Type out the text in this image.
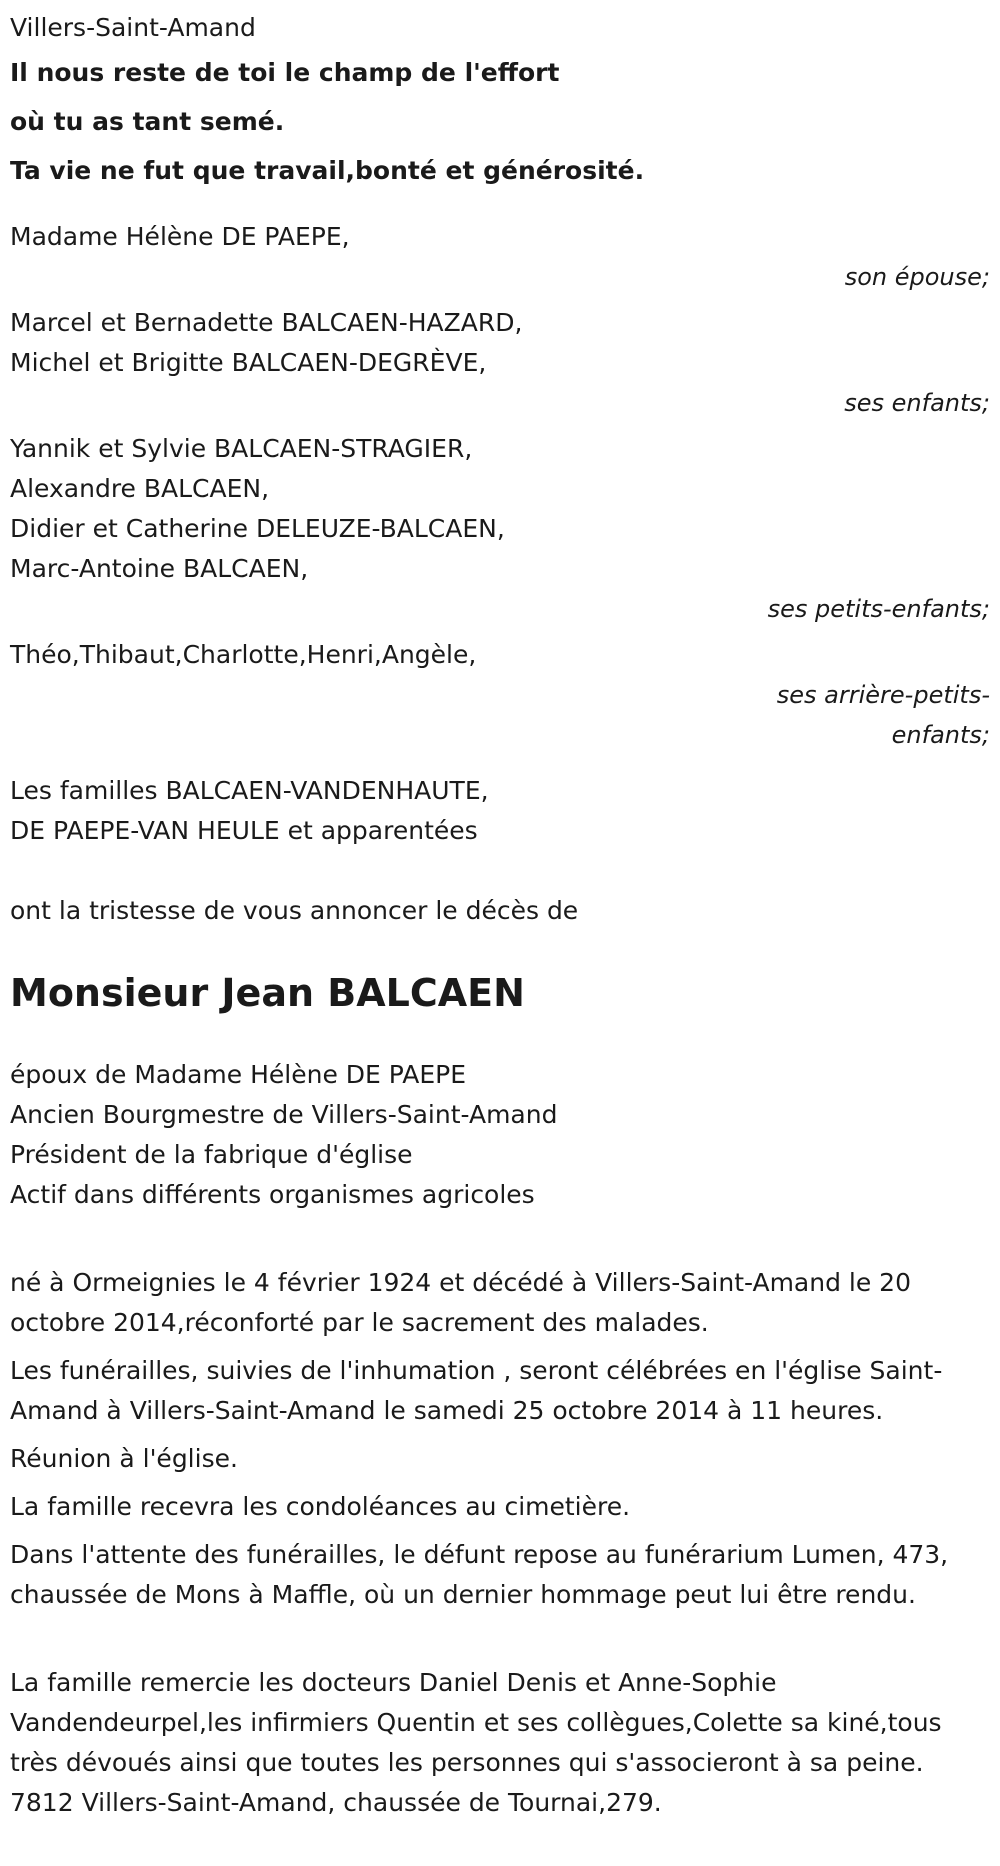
Villers-Saint-Amand

Il nous reste de toi le champ de l'effort
où tu as tant semé.
Ta vie ne fut que travail,bonté et générosité.

Madame Hélène DE PAEPE,
son épouse;
Marcel et Bernadette BALCAEN-HAZARD,
Michel et Brigitte BALCAEN-DEGRÈVE,
ses enfants;
Yannik et Sylvie BALCAEN-STRAGIER,
Alexandre BALCAEN,
Didier et Catherine DELEUZE-BALCAEN,
Marc-Antoine BALCAEN,
ses petits-enfants;
Théo,Thibaut,Charlotte,Henri,Angèle,
ses arrière-petits-
enfants;
Les familles BALCAEN-VANDENHAUTE,
DE PAEPE-VAN HEULE et apparentées

ont la tristesse de vous annoncer le décès de

Monsieur Jean BALCAEN
époux de Madame Hélène DE PAEPE
Ancien Bourgmestre de Villers-Saint-Amand
Président de la fabrique d'église
Actif dans différents organismes agricoles

né à Ormeignies le 4 février 1924 et décédé à Villers-Saint-Amand le 20 octobre 2014,réconforté par le sacrement des malades.

Les funérailles, suivies de l'inhumation , seront célébrées en l'église Saint-Amand à Villers-Saint-Amand le samedi 25 octobre 2014 à 11 heures.

Réunion à l'église.

La famille recevra les condoléances au cimetière.

Dans l'attente des funérailles, le défunt repose au funérarium Lumen, 473, chaussée de Mons à Maffle, où un dernier hommage peut lui être rendu.

La famille remercie les docteurs Daniel Denis et Anne-Sophie Vandendeurpel,les infirmiers Quentin et ses collègues,Colette sa kiné,tous très dévoués ainsi que toutes les personnes qui s'associeront à sa peine.

7812 Villers-Saint-Amand, chaussée de Tournai,279.
